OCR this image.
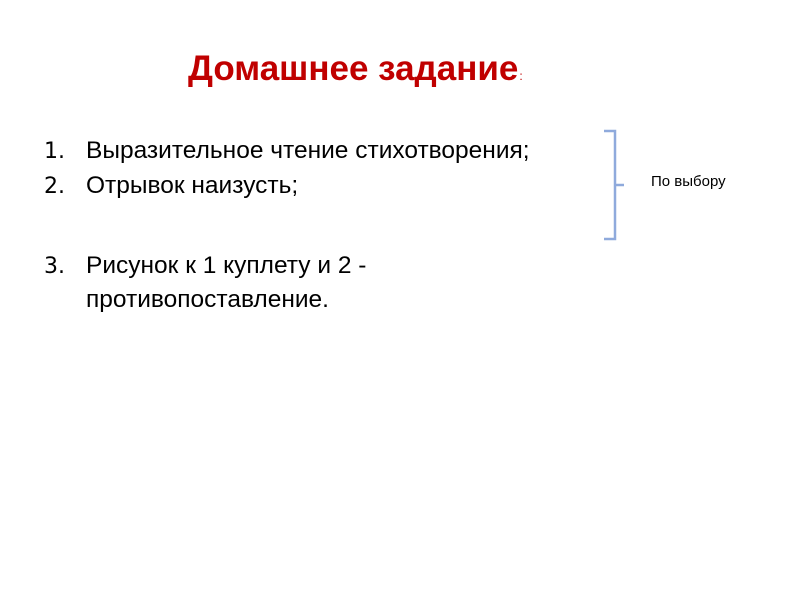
Домашнее задание:

1. Выразительное чтение стихотворения;

2. Отрывок наизусть;

3. Рисунок к 1 куплету и 2 -

противопоставление.

По выбору
